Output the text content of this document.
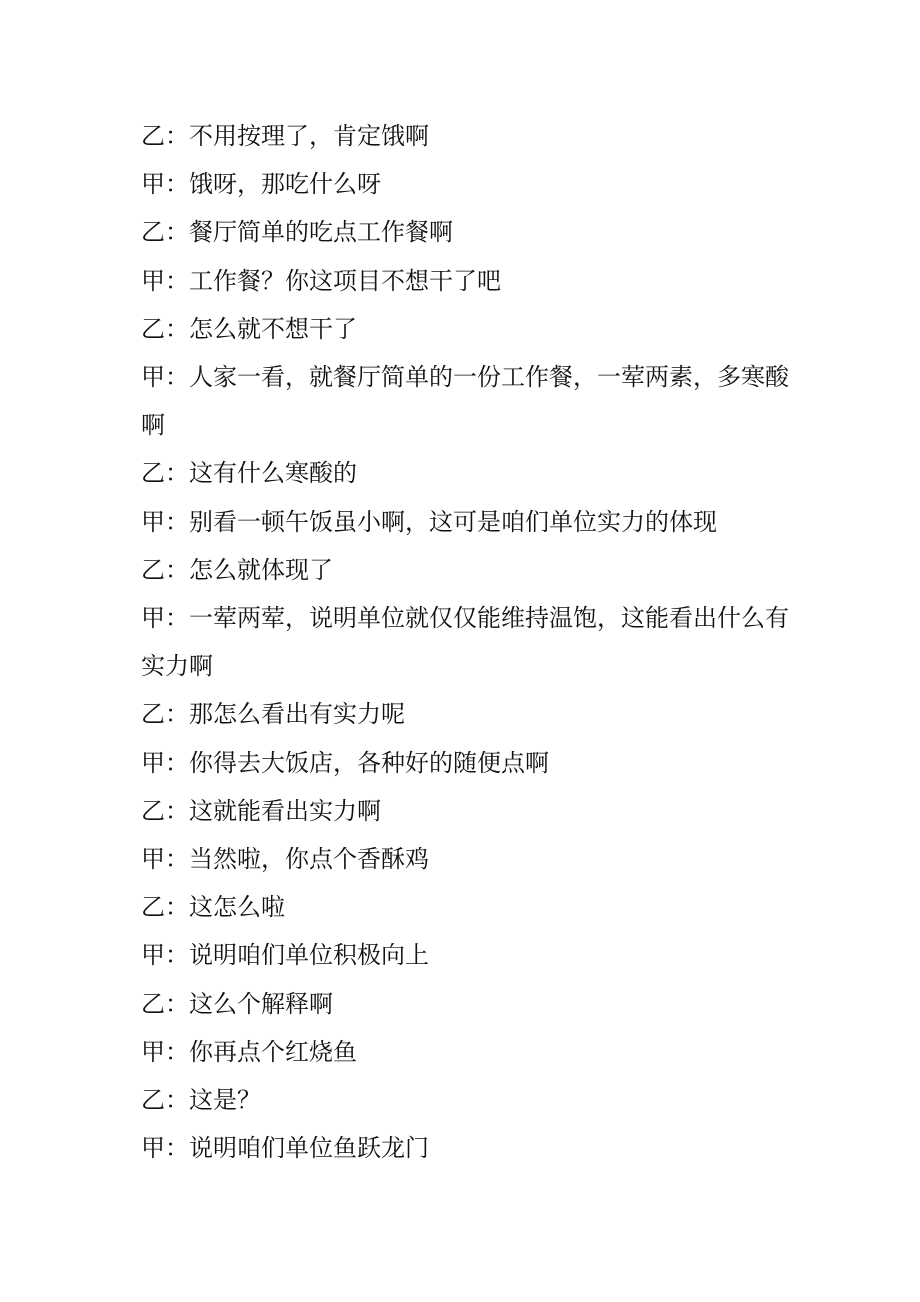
乙：不用按理了，肯定饿啊

甲：饿呀，那吃什么呀

乙：餐厅简单的吃点工作餐啊

甲：工作餐？你这项目不想干了吧

乙：怎么就不想干了

甲：人家一看，就餐厅简单的一份工作餐，一荤两素，多寒酸啊

乙：这有什么寒酸的

甲：别看一顿午饭虽小啊，这可是咱们单位实力的体现

乙：怎么就体现了

甲：一荤两荤，说明单位就仅仅能维持温饱，这能看出什么有实力啊

乙：那怎么看出有实力呢

甲：你得去大饭店，各种好的随便点啊

乙：这就能看出实力啊

甲：当然啦，你点个香酥鸡

乙：这怎么啦

甲：说明咱们单位积极向上

乙：这么个解释啊

甲：你再点个红烧鱼

乙：这是？

甲：说明咱们单位鱼跃龙门
